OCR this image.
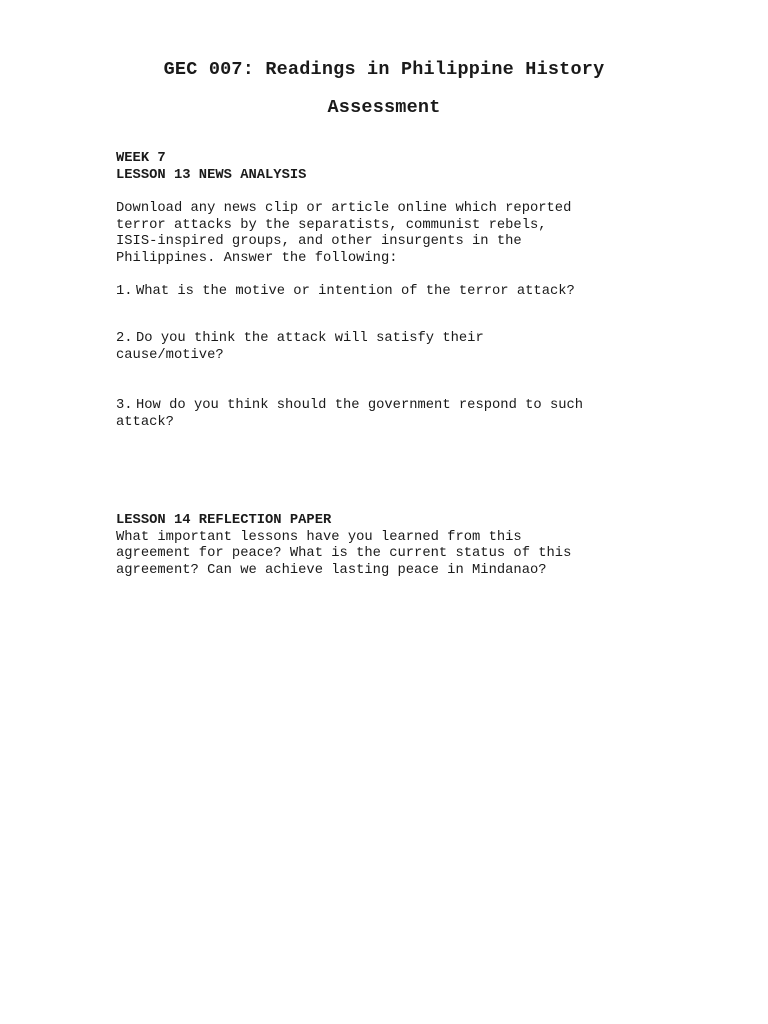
GEC 007: Readings in Philippine History
Assessment
WEEK 7
LESSON 13 NEWS ANALYSIS
Download any news clip or article online which reported
terror attacks by the separatists, communist rebels,
ISIS-inspired groups, and other insurgents in the
Philippines. Answer the following:
1. What is the motive or intention of the terror attack?
2. Do you think the attack will satisfy their
cause/motive?
3. How do you think should the government respond to such
attack?
LESSON 14 REFLECTION PAPER
What important lessons have you learned from this
agreement for peace? What is the current status of this
agreement? Can we achieve lasting peace in Mindanao?
